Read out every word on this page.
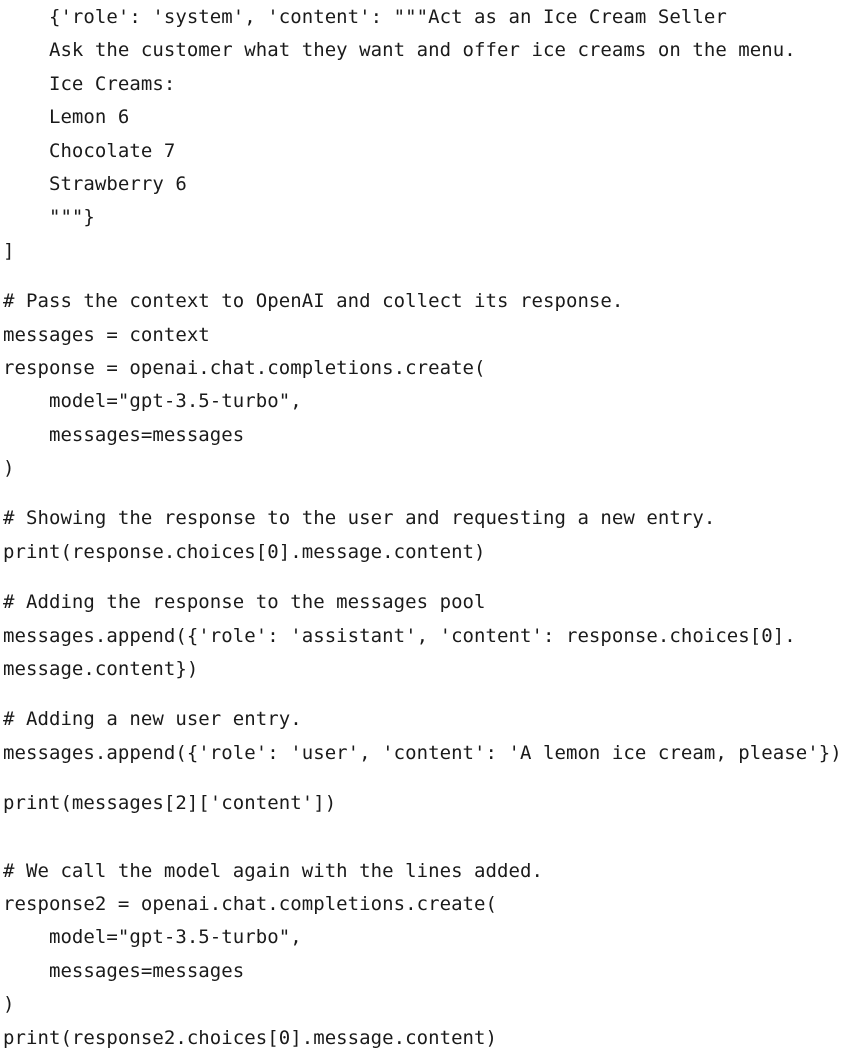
{'role': 'system', 'content': """Act as an Ice Cream Seller
Ask the customer what they want and offer ice creams on the menu.
Ice Creams:
Lemon 6
Chocolate 7
Strawberry 6
"""}
]
# Pass the context to OpenAI and collect its response.
messages = context
response = openai.chat.completions.create(
model="gpt-3.5-turbo",
messages=messages
)
# Showing the response to the user and requesting a new entry.
print(response.choices[0].message.content)
# Adding the response to the messages pool
messages.append({'role': 'assistant', 'content': response.choices[0].
message.content})
# Adding a new user entry.
messages.append({'role': 'user', 'content': 'A lemon ice cream, please'})
print(messages[2]['content'])
# We call the model again with the lines added.
response2 = openai.chat.completions.create(
model="gpt-3.5-turbo",
messages=messages
)
print(response2.choices[0].message.content)
